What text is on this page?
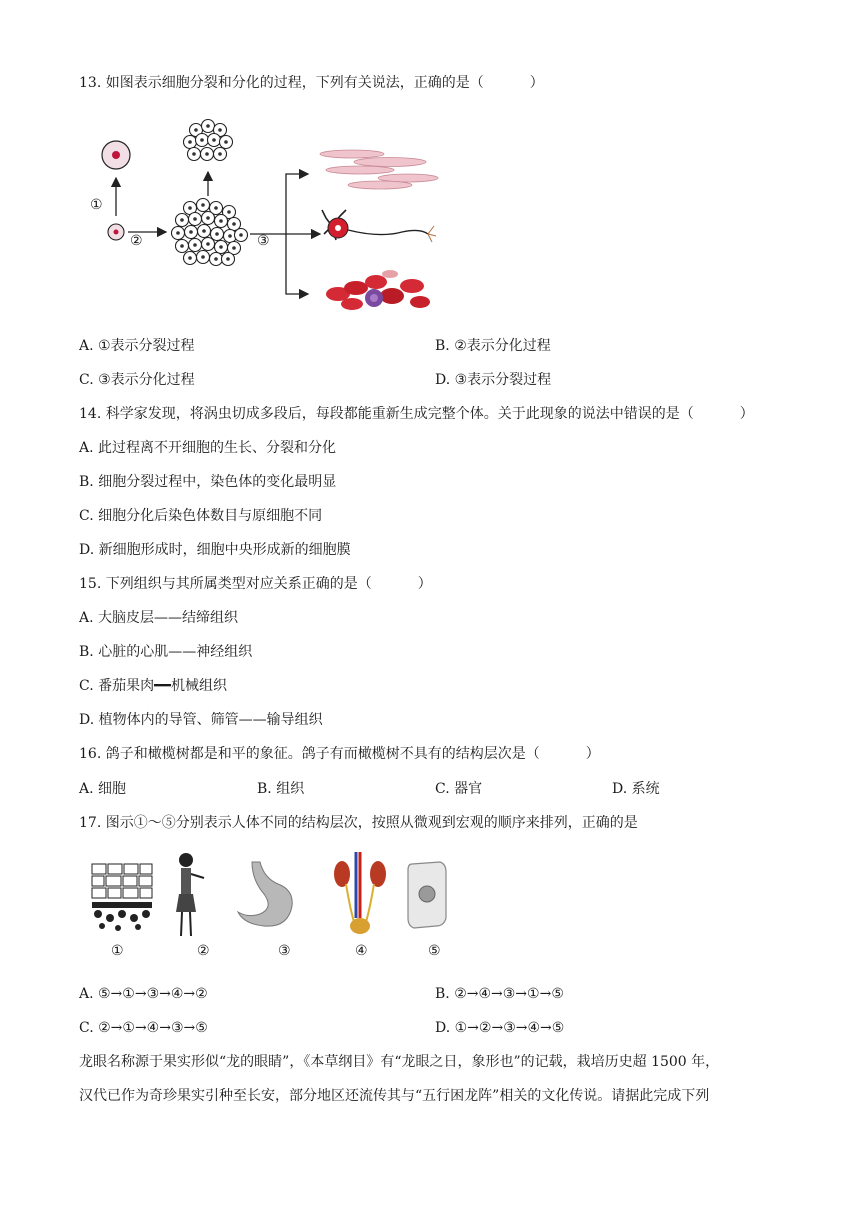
13. 如图表示细胞分裂和分化的过程，下列有关说法，正确的是（	）
①
②	③
A. ①表示分裂过程	B. ②表示分化过程
C. ③表示分化过程	D. ③表示分裂过程
14. 科学家发现，将涡虫切成多段后，每段都能重新生成完整个体。关于此现象的说法中错误的是（	）
A. 此过程离不开细胞的生长、分裂和分化
B. 细胞分裂过程中，染色体的变化最明显
C. 细胞分化后染色体数目与原细胞不同
D. 新细胞形成时，细胞中央形成新的细胞膜
15. 下列组织与其所属类型对应关系正确的是（	）
A. 大脑皮层——结缔组织
B. 心脏的心肌——神经组织
C. 番茄果肉━━机械组织
D. 植物体内的导管、筛管——输导组织
16. 鸽子和橄榄树都是和平的象征。鸽子有而橄榄树不具有的结构层次是（	）
A. 细胞	B. 组织	C. 器官	D. 系统
17. 图示①～⑤分别表示人体不同的结构层次，按照从微观到宏观的顺序来排列，正确的是
①	②	③	④	⑤
A. ⑤→①→③→④→②	B. ②→④→③→①→⑤
C. ②→①→④→③→⑤	D. ①→②→③→④→⑤
龙眼名称源于果实形似“龙的眼睛”，《本草纲目》有“龙眼之日，象形也”的记载，栽培历史超 1500 年，
汉代已作为奇珍果实引种至长安，部分地区还流传其与“五行困龙阵”相关的文化传说。请据此完成下列
